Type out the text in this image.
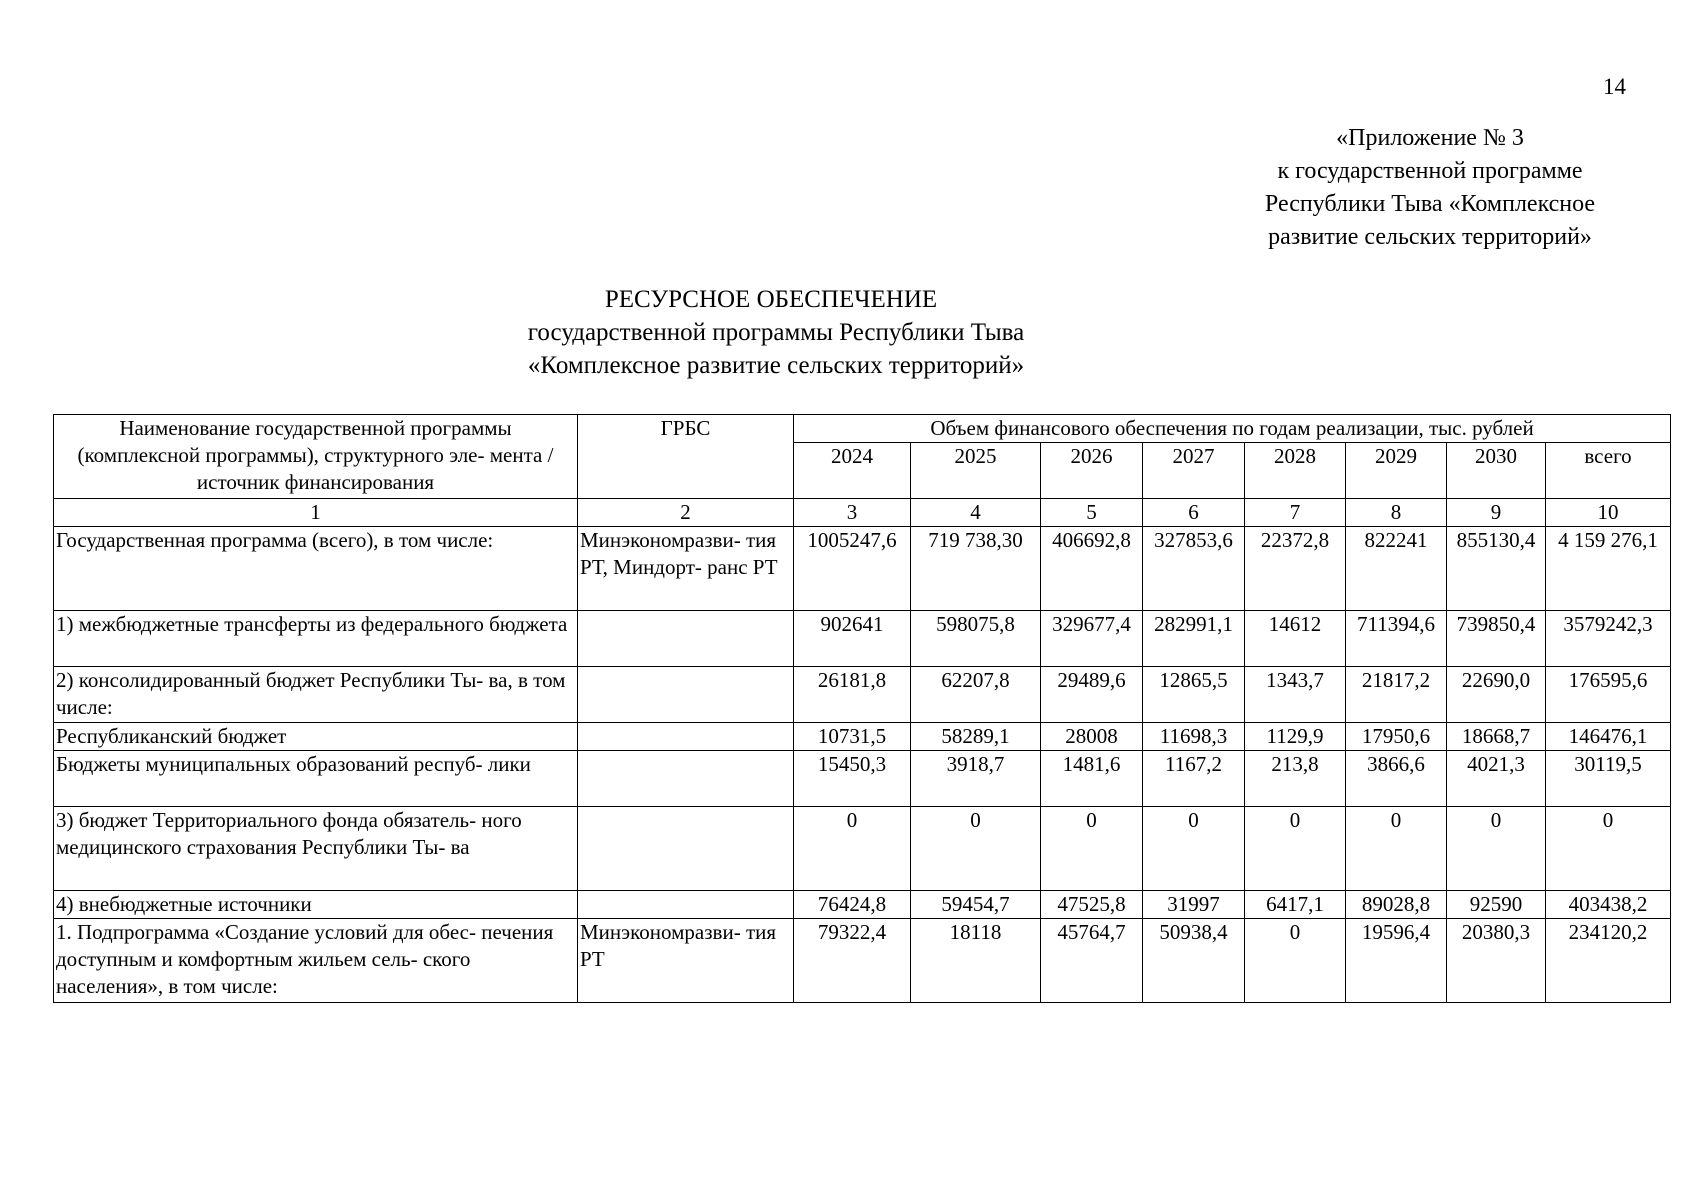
14
«Приложение № 3
к государственной программе
Республики Тыва «Комплексное
развитие сельских территорий»
РЕСУРСНОЕ ОБЕСПЕЧЕНИЕ
государственной программы Республики Тыва
«Комплексное развитие сельских территорий»
Наименование государственной программы (комплексной программы), структурного эле- мента / источник финансирования	ГРБС	Объем финансового обеспечения по годам реализации, тыс. рублей							
		2024	2025	2026	2027	2028	2029	2030	всего
1	2	3	4	5	6	7	8	9	10
Государственная программа (всего), в том числе:	Минэкономразви- тия РТ, Миндорт- ранс РТ	1005247,6	719 738,30	406692,8	327853,6	22372,8	822241	855130,4	4 159 276,1
1) межбюджетные трансферты из федерального бюджета		902641	598075,8	329677,4	282991,1	14612	711394,6	739850,4	3579242,3
2) консолидированный бюджет Республики Ты- ва, в том числе:		26181,8	62207,8	29489,6	12865,5	1343,7	21817,2	22690,0	176595,6
Республиканский бюджет		10731,5	58289,1	28008	11698,3	1129,9	17950,6	18668,7	146476,1
Бюджеты муниципальных образований респуб- лики		15450,3	3918,7	1481,6	1167,2	213,8	3866,6	4021,3	30119,5
3) бюджет Территориального фонда обязатель- ного медицинского страхования Республики Ты- ва		0	0	0	0	0	0	0	0
4) внебюджетные источники		76424,8	59454,7	47525,8	31997	6417,1	89028,8	92590	403438,2
1. Подпрограмма «Создание условий для обес- печения доступным и комфортным жильем сель- ского населения», в том числе:	Минэкономразви- тия РТ	79322,4	18118	45764,7	50938,4	0	19596,4	20380,3	234120,2
